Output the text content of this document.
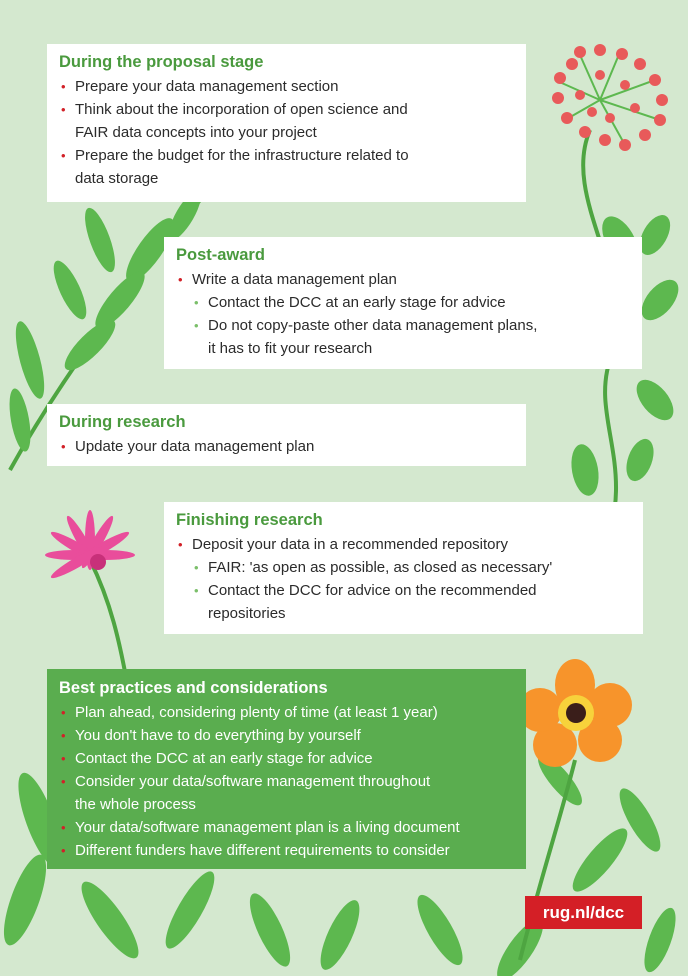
During the proposal stage
• Prepare your data management section
• Think about the incorporation of open science and
FAIR data concepts into your project
• Prepare the budget for the infrastructure related to
data storage
Post-award
• Write a data management plan
• Contact the DCC at an early stage for advice
• Do not copy-paste other data management plans,
it has to fit your research
During research
• Update your data management plan
Finishing research
• Deposit your data in a recommended repository
• FAIR: 'as open as possible, as closed as necessary'
• Contact the DCC for advice on the recommended
repositories
Best practices and considerations
• Plan ahead, considering plenty of time (at least 1 year)
• You don't have to do everything by yourself
• Contact the DCC at an early stage for advice
• Consider your data/software management throughout
the whole process
• Your data/software management plan is a living document
• Different funders have different requirements to consider
rug.nl/dcc
